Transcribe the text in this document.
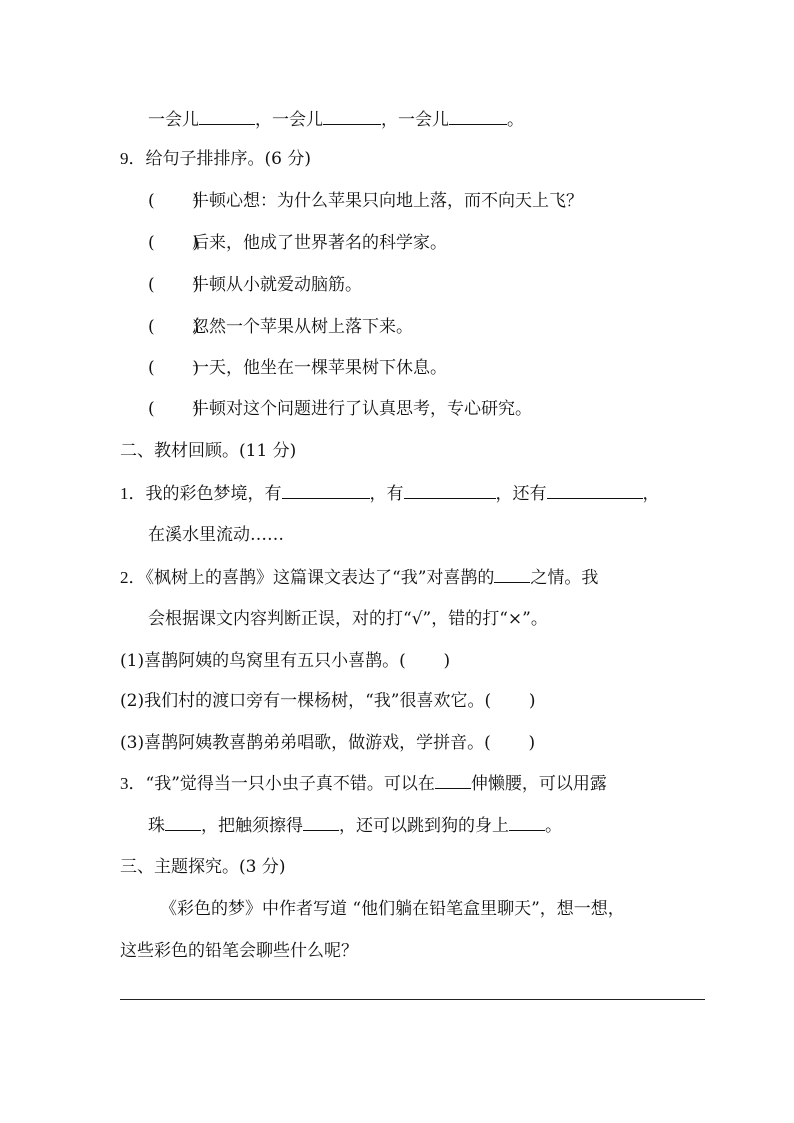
一会儿	，一会儿	，一会儿	。
9．给句子排排序。(6 分)
(       )牛顿心想：为什么苹果只向地上落，而不向天上飞？
(       )后来，他成了世界著名的科学家。
(       )牛顿从小就爱动脑筋。
(       )忽然一个苹果从树上落下来。
(       )一天，他坐在一棵苹果树下休息。
(       )牛顿对这个问题进行了认真思考，专心研究。
二、教材回顾。(11 分)
1．我的彩色梦境，有	，有	，还有	，
在溪水里流动……
2．《枫树上的喜鹊》这篇课文表达了“我”对喜鹊的 之情。我
会根据课文内容判断正误，对的打“√”，错的打“×”。
(1)喜鹊阿姨的鸟窝里有五只小喜鹊。(       )
(2)我们村的渡口旁有一棵杨树，“我”很喜欢它。(       )
(3)喜鹊阿姨教喜鹊弟弟唱歌，做游戏，学拼音。(       )
3．“我”觉得当一只小虫子真不错。可以在 伸懒腰，可以用露
珠 ，把触须擦得 ，还可以跳到狗的身上 。
三、主题探究。(3 分)
《彩色的梦》中作者写道 “他们躺在铅笔盒里聊天”，想一想，
这些彩色的铅笔会聊些什么呢？
